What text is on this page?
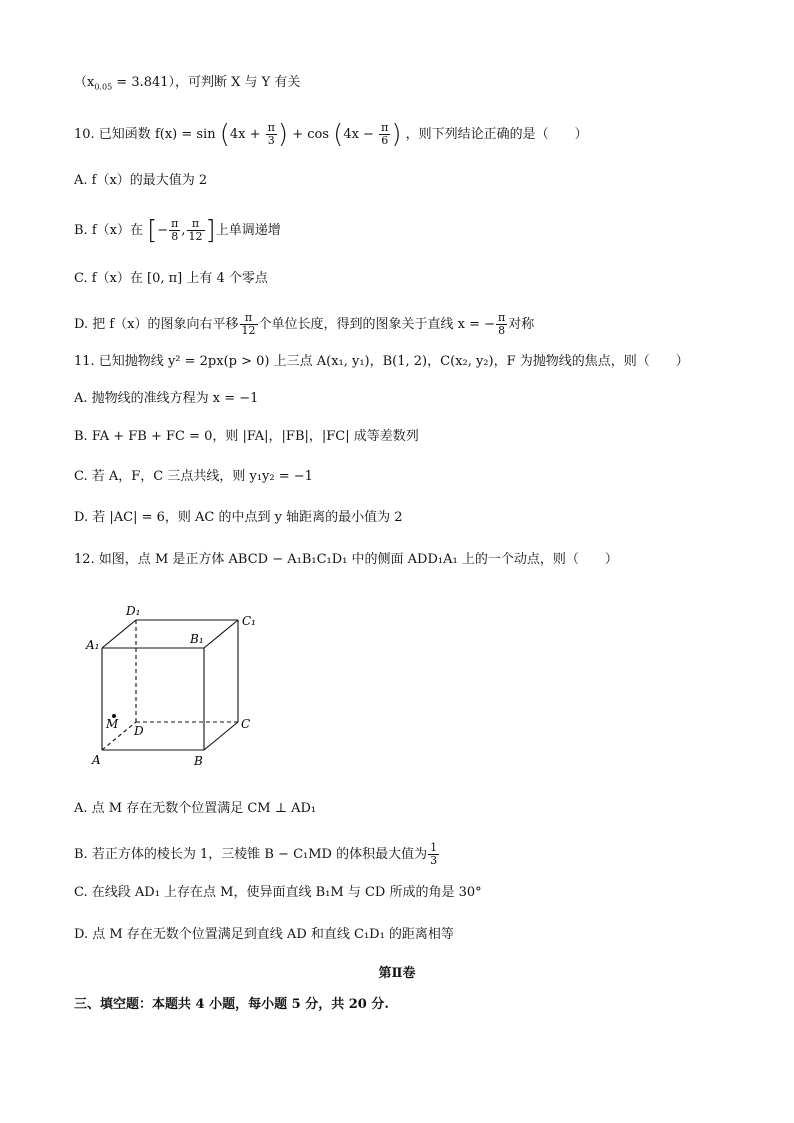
$(x_{0.05} = 3.841)$，可判断 X 与 Y 有关
10. 已知函数 $f(x) = \sin (4x + \frac{\pi}{3}$ ) + $\cos (4x - \frac{\pi}{6}$ ) ，则下列结论正确的是（　　）
A. f（x）的最大值为 2
B. f（x）在 [− $\frac{\pi}{8}$ , $\frac{\pi}{12}$ ]上单调递增
C. f（x）在 [0, π] 上有 4 个零点
D. 把 f（x）的图象向右平移 $\frac{\pi}{12}$ 个单位长度，得到的图象关于直线 x = − $\frac{\pi}{8}$ 对称
11. 已知抛物线 y² = 2px(p > 0) 上三点 A(x₁, y₁)，B(1, 2)，C(x₂, y₂)，F 为抛物线的焦点，则（　　）
A. 抛物线的准线方程为 x = −1
B. FA + FB + FC = 0，则 |FA|，|FB|，|FC| 成等差数列
C. 若 A，F，C 三点共线，则 y₁y₂ = −1
D. 若 |AC| = 6，则 AC 的中点到 y 轴距离的最小值为 2
12. 如图，点 M 是正方体 ABCD − A₁B₁C₁D₁ 中的侧面 ADD₁A₁ 上的一个动点，则（　　）
D₁
C₁
A₁	B₁
M D	C
A	B
A. 点 M 存在无数个位置满足 CM ⊥ AD₁
B. 若正方体的棱长为 1，三棱锥 B − C₁MD 的体积最大值为 $\frac{1}{3}$
C. 在线段 AD₁ 上存在点 M，使异面直线 B₁M 与 CD 所成的角是 30°
D. 点 M 存在无数个位置满足到直线 AD 和直线 C₁D₁ 的距离相等
第Ⅱ卷
三、填空题：本题共 4 小题，每小题 5 分，共 20 分.
